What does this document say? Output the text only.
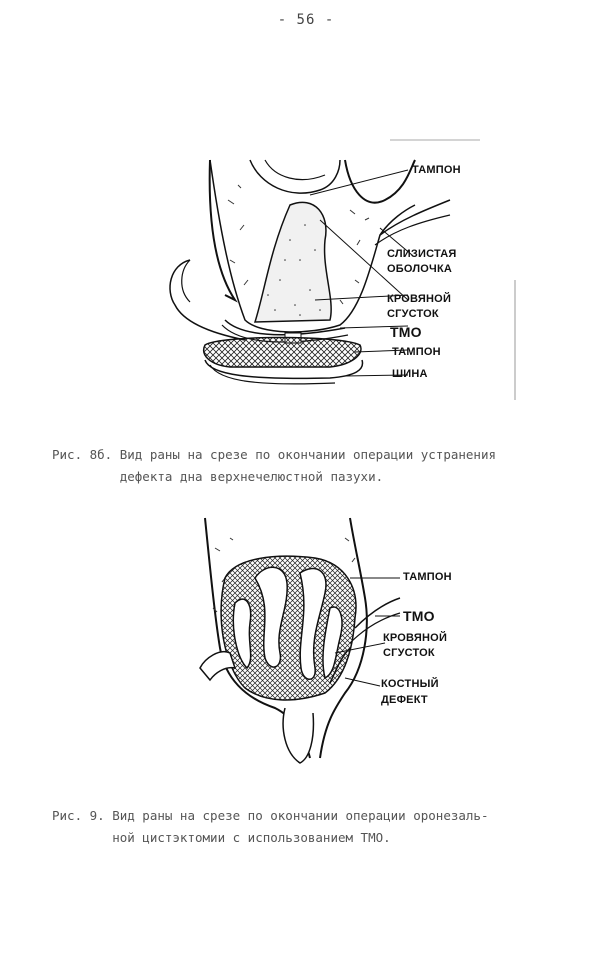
- 56 -
ТАМПОН
СЛИЗИСТАЯ
ОБОЛОЧКА
КРОВЯНОЙ
СГУСТОК
ТМО
ТАМПОН
ШИНА
Рис. 8б. Вид раны на срезе по окончании операции устранения
дефекта дна верхнечелюстной пазухи.
ТАМПОН
ТМО
КРОВЯНОЙ
СГУСТОК
КОСТНЫЙ
ДЕФЕКТ
Рис. 9. Вид раны на срезе по окончании операции оронезаль-
ной цистэктомии с использованием ТМО.
